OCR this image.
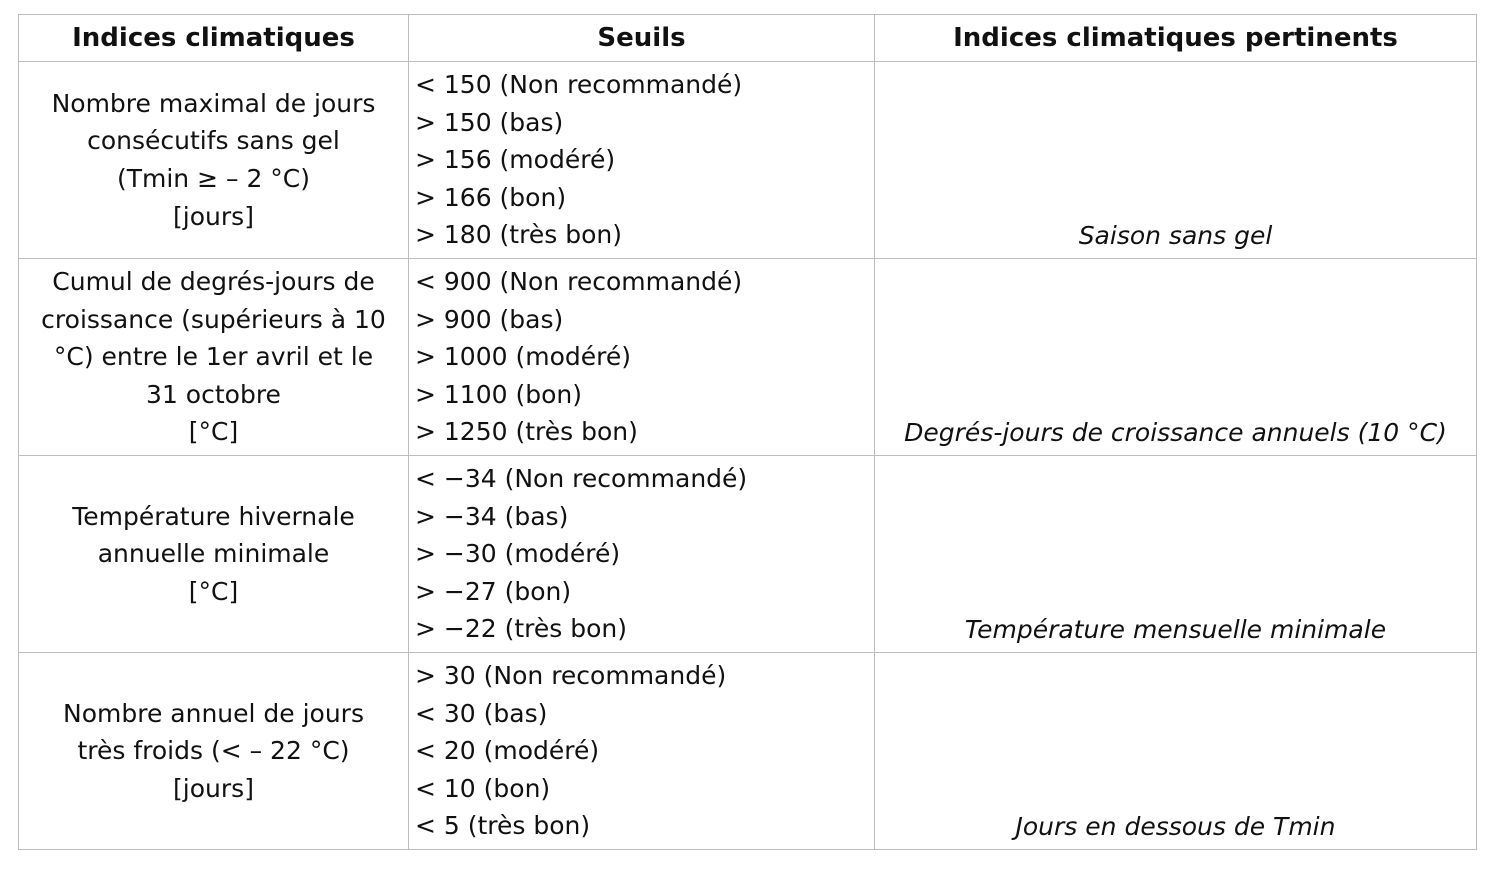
Indices climatiques	Seuils	Indices climatiques pertinents

Nombre maximal de jours
consécutifs sans gel
(Tmin ≥ – 2 °C)
[jours]	< 150 (Non recommandé)
> 150 (bas)
> 156 (modéré)
> 166 (bon)
> 180 (très bon)	Saison sans gel

Cumul de degrés-jours de
croissance (supérieurs à 10
°C) entre le 1er avril et le
31 octobre
[°C]	< 900 (Non recommandé)
> 900 (bas)
> 1000 (modéré)
> 1100 (bon)
> 1250 (très bon)	Degrés-jours de croissance annuels (10 °C)

Température hivernale
annuelle minimale
[°C]	< −34 (Non recommandé)
> −34 (bas)
> −30 (modéré)
> −27 (bon)
> −22 (très bon)	Température mensuelle minimale

Nombre annuel de jours
très froids (< – 22 °C)
[jours]	> 30 (Non recommandé)
< 30 (bas)
< 20 (modéré)
< 10 (bon)
< 5 (très bon)	Jours en dessous de Tmin
